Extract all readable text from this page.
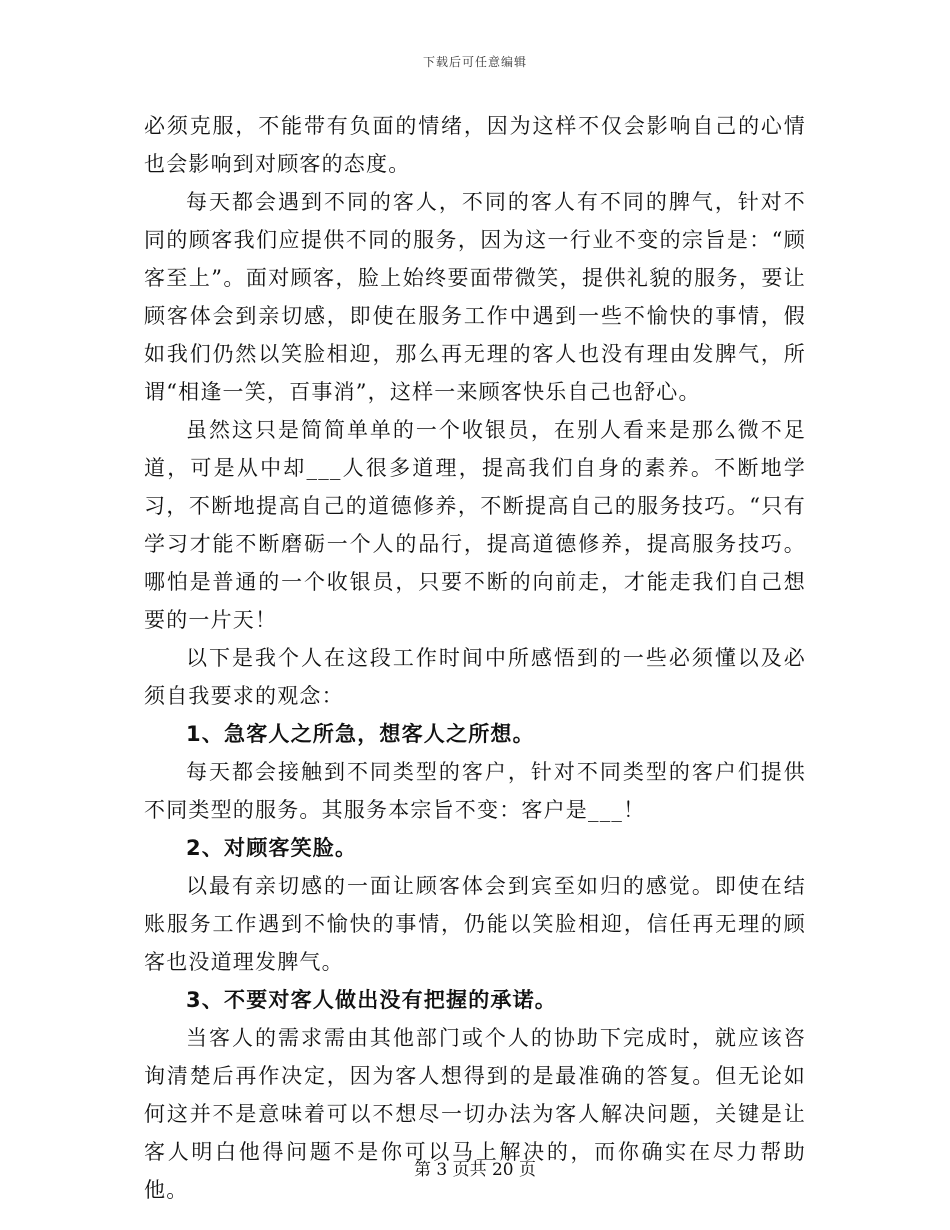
下载后可任意编辑

必须克服，不能带有负面的情绪，因为这样不仅会影响自己的心情也会影响到对顾客的态度。

每天都会遇到不同的客人，不同的客人有不同的脾气，针对不同的顾客我们应提供不同的服务，因为这一行业不变的宗旨是：“顾客至上”。面对顾客，脸上始终要面带微笑，提供礼貌的服务，要让顾客体会到亲切感，即使在服务工作中遇到一些不愉快的事情，假如我们仍然以笑脸相迎，那么再无理的客人也没有理由发脾气，所谓“相逢一笑，百事消”，这样一来顾客快乐自己也舒心。

虽然这只是简简单单的一个收银员，在别人看来是那么微不足道，可是从中却___人很多道理，提高我们自身的素养。不断地学习，不断地提高自己的道德修养，不断提高自己的服务技巧。“只有学习才能不断磨砺一个人的品行，提高道德修养，提高服务技巧。哪怕是普通的一个收银员，只要不断的向前走，才能走我们自己想要的一片天！

以下是我个人在这段工作时间中所感悟到的一些必须懂以及必须自我要求的观念：

1、急客人之所急，想客人之所想。

每天都会接触到不同类型的客户，针对不同类型的客户们提供不同类型的服务。其服务本宗旨不变：客户是___！

2、对顾客笑脸。

以最有亲切感的一面让顾客体会到宾至如归的感觉。即使在结账服务工作遇到不愉快的事情，仍能以笑脸相迎，信任再无理的顾客也没道理发脾气。

3、不要对客人做出没有把握的承诺。

当客人的需求需由其他部门或个人的协助下完成时，就应该咨询清楚后再作决定，因为客人想得到的是最准确的答复。但无论如何这并不是意味着可以不想尽一切办法为客人解决问题，关键是让客人明白他得问题不是你可以马上解决的，而你确实在尽力帮助他。

第 3 页共 20 页
